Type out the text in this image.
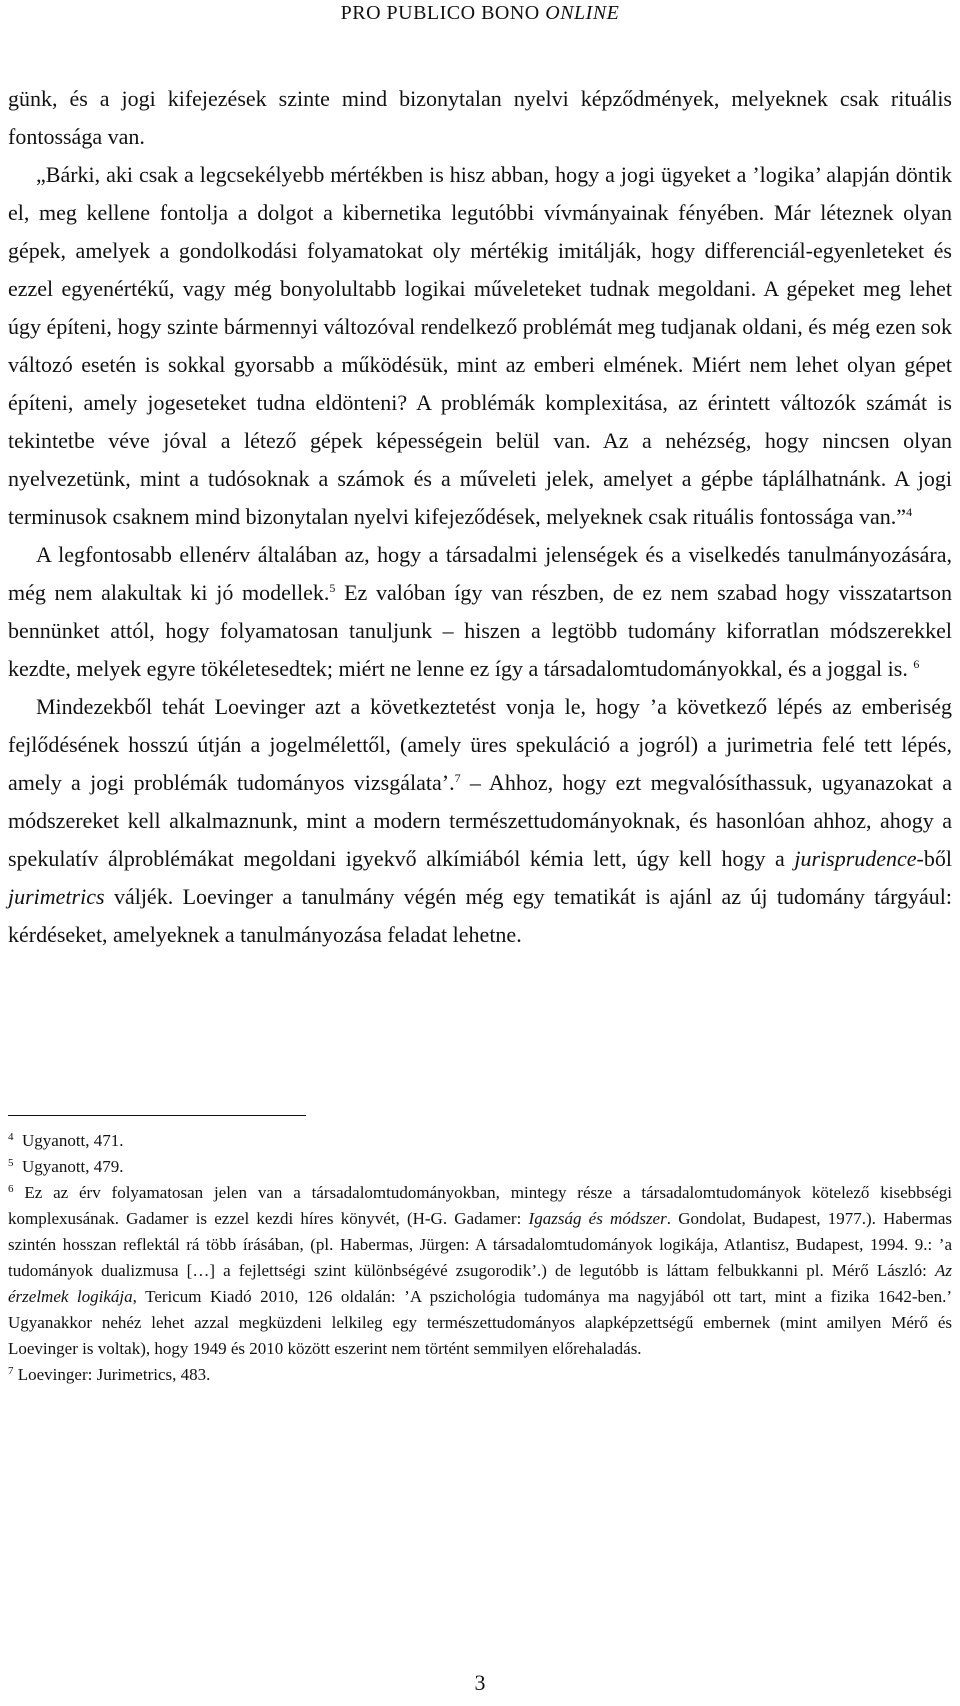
PRO PUBLICO BONO ONLINE

günk, és a jogi kifejezések szinte mind bizonytalan nyelvi képződmények, melyeknek csak rituális fontossága van.

„Bárki, aki csak a legcsekélyebb mértékben is hisz abban, hogy a jogi ügyeket a ’logika’ alapján döntik el, meg kellene fontolja a dolgot a kibernetika legutóbbi vívmányainak fényében. Már léteznek olyan gépek, amelyek a gondolkodási folyamatokat oly mértékig imitálják, hogy differenciál-egyenleteket és ezzel egyenértékű, vagy még bonyolultabb logikai műveleteket tudnak megoldani. A gépeket meg lehet úgy építeni, hogy szinte bármennyi változóval rendelkező problémát meg tudjanak oldani, és még ezen sok változó esetén is sokkal gyorsabb a működésük, mint az emberi elmének. Miért nem lehet olyan gépet építeni, amely jogeseteket tudna eldönteni? A problémák komplexitása, az érintett változók számát is tekintetbe véve jóval a létező gépek képességein belül van. Az a nehézség, hogy nincsen olyan nyelvezetünk, mint a tudósoknak a számok és a műveleti jelek, amelyet a gépbe táplálhatnánk. A jogi terminusok csaknem mind bizonytalan nyelvi kifejeződések, melyeknek csak rituális fontossága van.”$^4$

A legfontosabb ellenérv általában az, hogy a társadalmi jelenségek és a viselkedés tanulmányozására, még nem alakultak ki jó modellek.$^5$ Ez valóban így van részben, de ez nem szabad hogy visszatartson bennünket attól, hogy folyamatosan tanuljunk – hiszen a legtöbb tudomány kiforratlan módszerekkel kezdte, melyek egyre tökéletesedtek; miért ne lenne ez így a társadalomtudományokkal, és a joggal is. $^6$

Mindezekből tehát Loevinger azt a következtetést vonja le, hogy ’a következő lépés az emberiség fejlődésének hosszú útján a jogelmélettől, (amely üres spekuláció a jogról) a jurimetria felé tett lépés, amely a jogi problémák tudományos vizsgálata’.$^7$ – Ahhoz, hogy ezt megvalósíthassuk, ugyanazokat a módszereket kell alkalmaznunk, mint a modern természettudományoknak, és hasonlóan ahhoz, ahogy a spekulatív álproblémákat megoldani igyekvő alkímiából kémia lett, úgy kell hogy a jurisprudence-ből jurimetrics váljék. Loevinger a tanulmány végén még egy tematikát is ajánl az új tudomány tárgyául: kérdéseket, amelyeknek a tanulmányozása feladat lehetne.

$^4$ Ugyanott, 471.

$^5$ Ugyanott, 479.

$^6$ Ez az érv folyamatosan jelen van a társadalomtudományokban, mintegy része a társadalomtudományok kötelező kisebbségi komplexusának. Gadamer is ezzel kezdi híres könyvét, (H-G. Gadamer: Igazság és módszer. Gondolat, Budapest, 1977.). Habermas szintén hosszan reflektál rá több írásában, (pl. Habermas, Jürgen: A társadalomtudományok logikája, Atlantisz, Budapest, 1994. 9.: ’a tudományok dualizmusa […] a fejlettségi szint különbségévé zsugorodik’.) de legutóbb is láttam felbukkanni pl. Mérő László: Az érzelmek logikája, Tericum Kiadó 2010, 126 oldalán: ’A pszichológia tudománya ma nagyjából ott tart, mint a fizika 1642-ben.’ Ugyanakkor nehéz lehet azzal megküzdeni lelkileg egy természettudományos alapképzettségű embernek (mint amilyen Mérő és Loevinger is voltak), hogy 1949 és 2010 között eszerint nem történt semmilyen előrehaladás.

$^7$ Loevinger: Jurimetrics, 483.

3
